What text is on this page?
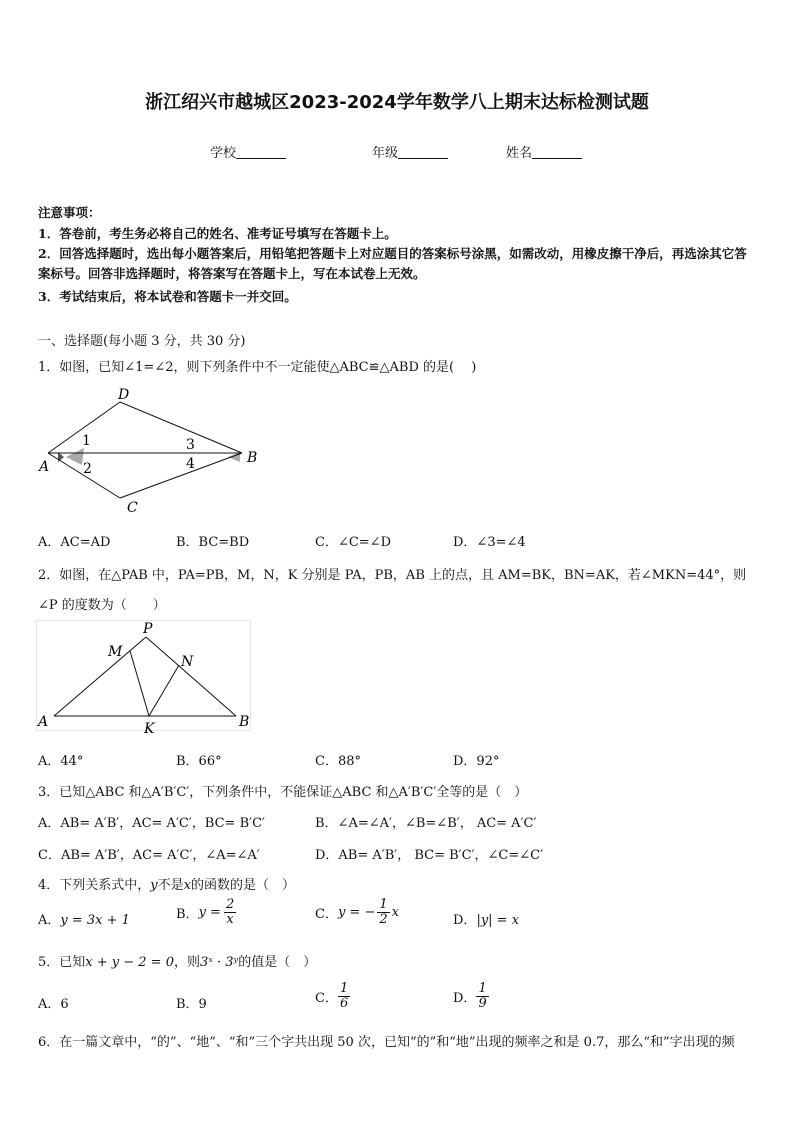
浙江绍兴市越城区2023-2024学年数学八上期末达标检测试题
学校	年级	姓名
注意事项：
1．答卷前，考生务必将自己的姓名、准考证号填写在答题卡上。
2．回答选择题时，选出每小题答案后，用铅笔把答题卡上对应题目的答案标号涂黑，如需改动，用橡皮擦干净后，再选涂其它答案标号。回答非选择题时，将答案写在答题卡上，写在本试卷上无效。
3．考试结束后，将本试卷和答题卡一并交回。
一、选择题(每小题 3 分，共 30 分)
1．如图，已知∠1=∠2，则下列条件中不一定能使△ABC≌△ABD 的是(　 )
D
1	3
A
B
2	4
C
A．AC=AD	B．BC=BD	C．∠C=∠D	D．∠3=∠4
2．如图，在△PAB 中，PA=PB，M，N，K 分别是 PA，PB，AB 上的点，且 AM=BK，BN=AK，若∠MKN=44°，则∠P 的度数为（　　）
P
M
N
A	K	B
A．44°	B．66°	C．88°	D．92°
3．已知△ABC 和△A′B′C′，下列条件中，不能保证△ABC 和△A′B′C′全等的是（　）
A．AB= A′B′，AC= A′C′，BC= B′C′	B．∠A=∠A′，∠B=∠B′， AC= A′C′
C．AB= A′B′，AC= A′C′，∠A=∠A′	D．AB= A′B′， BC= B′C′，∠C=∠C′
4．下列关系式中，y不是x的函数的是（　）
A．y = 3x + 1	B． $y = \frac{2}{x}$	C． y = − $\frac{1}{2}$ x
D．|y| = x
5．已知x + y − 2 = 0，则3ˣ · 3ʸ的值是（　）
A．6	B．9	C． $\frac{1}{6}$	D． $\frac{1}{9}$
6．在一篇文章中，“的”、“地”、“和”三个字共出现 50 次，已知“的”和“地”出现的频率之和是 0.7，那么“和”字出现的频
